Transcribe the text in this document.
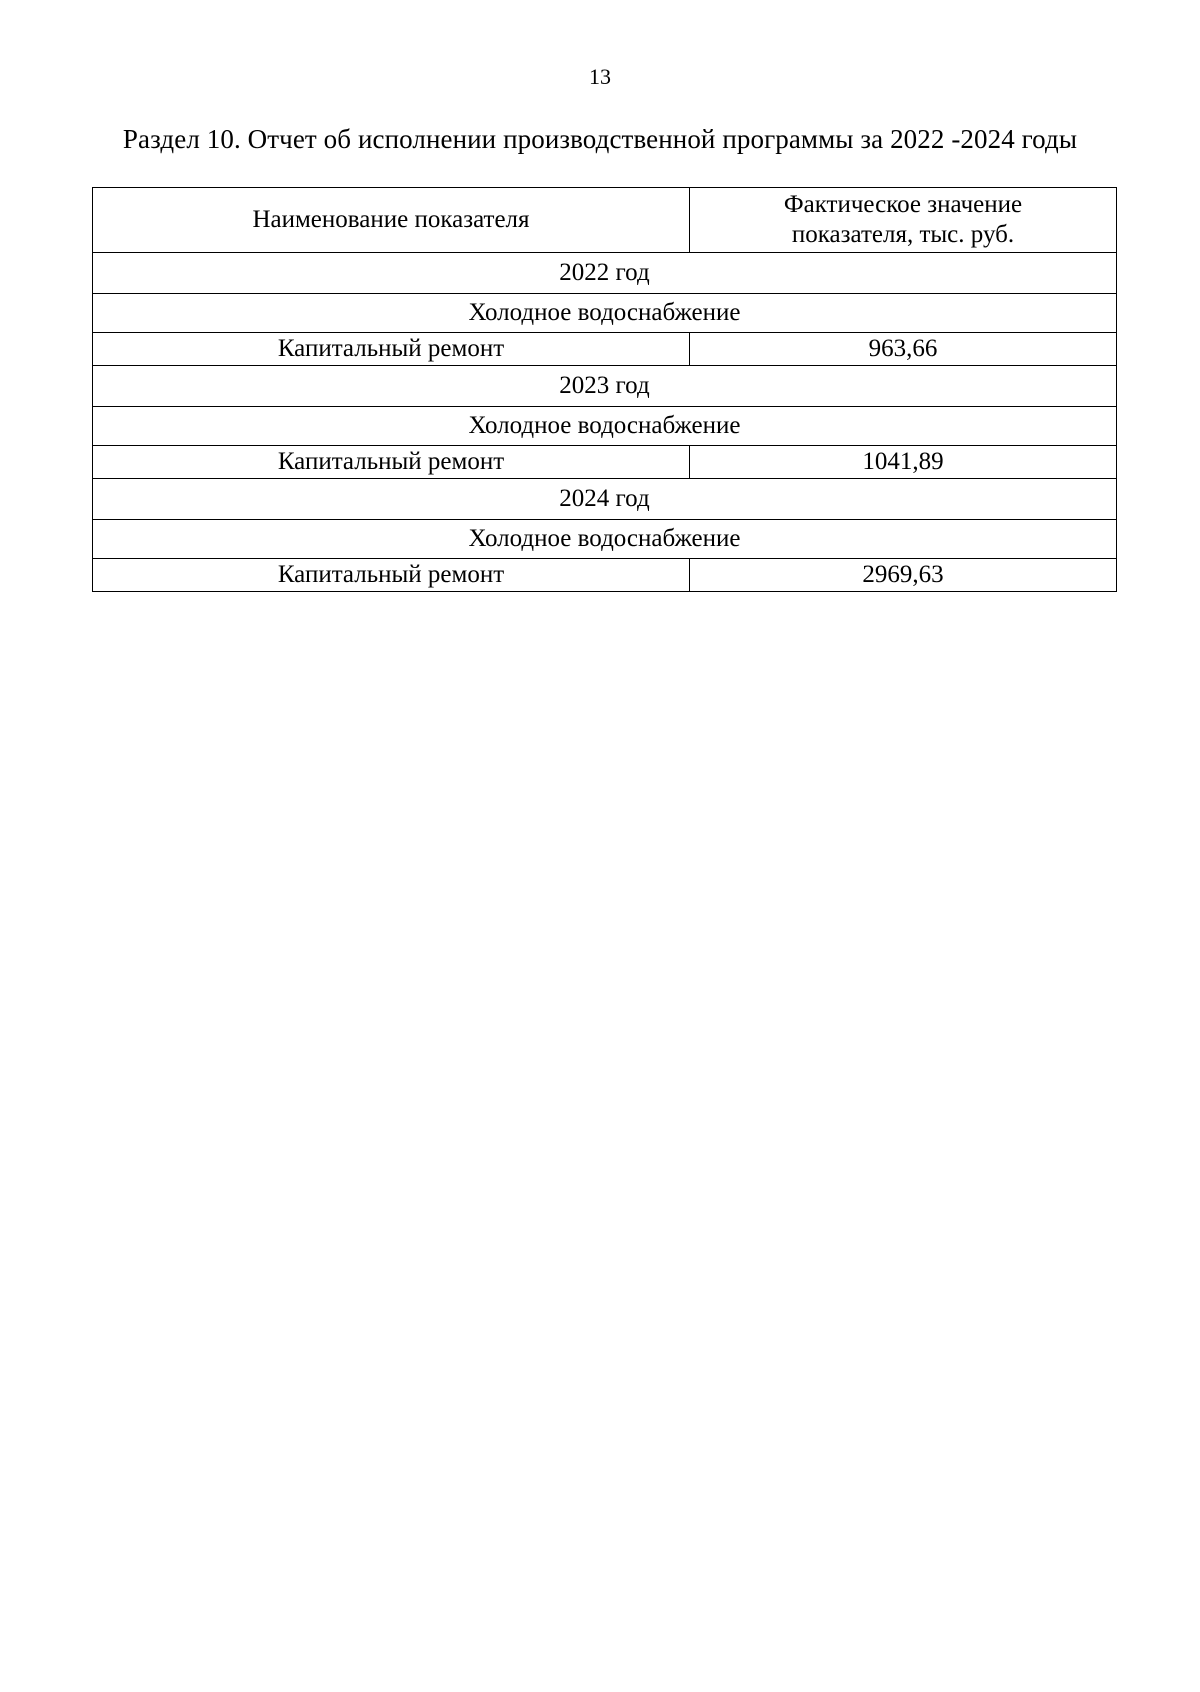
13
Раздел 10. Отчет об исполнении производственной программы за 2022 -2024 годы
Наименование показателя	Фактическое значение
показателя, тыс. руб.

2022 год	
Холодное водоснабжение	
Капитальный ремонт	963,66
2023 год	
Холодное водоснабжение	
Капитальный ремонт	1041,89
2024 год	
Холодное водоснабжение	
Капитальный ремонт	2969,63
